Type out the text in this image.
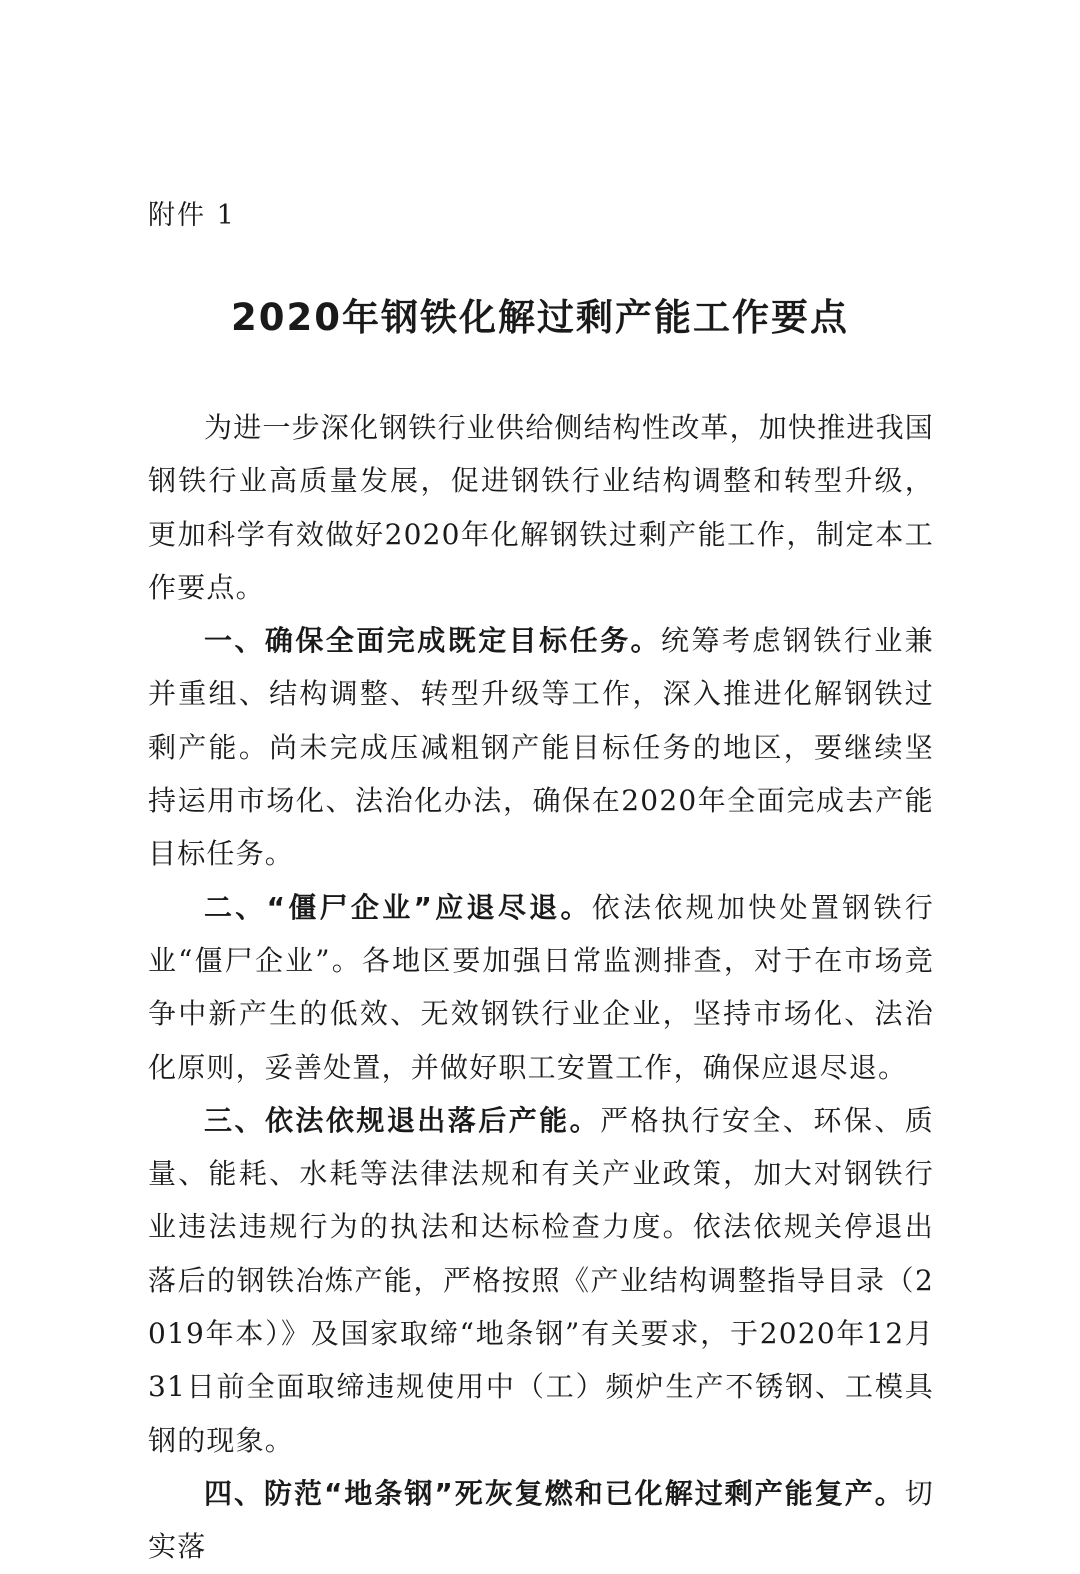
附件 1
2020年钢铁化解过剩产能工作要点

为进一步深化钢铁行业供给侧结构性改革，加快推进我国钢铁行业高质量发展，促进钢铁行业结构调整和转型升级，更加科学有效做好2020年化解钢铁过剩产能工作，制定本工作要点。

一、确保全面完成既定目标任务。统筹考虑钢铁行业兼并重组、结构调整、转型升级等工作，深入推进化解钢铁过剩产能。尚未完成压减粗钢产能目标任务的地区，要继续坚持运用市场化、法治化办法，确保在2020年全面完成去产能目标任务。

二、“僵尸企业”应退尽退。依法依规加快处置钢铁行业“僵尸企业”。各地区要加强日常监测排查，对于在市场竞争中新产生的低效、无效钢铁行业企业，坚持市场化、法治化原则，妥善处置，并做好职工安置工作，确保应退尽退。

三、依法依规退出落后产能。严格执行安全、环保、质量、能耗、水耗等法律法规和有关产业政策，加大对钢铁行业违法违规行为的执法和达标检查力度。依法依规关停退出落后的钢铁冶炼产能，严格按照《产业结构调整指导目录（2019年本）》及国家取缔“地条钢”有关要求，于2020年12月31日前全面取缔违规使用中（工）频炉生产不锈钢、工模具钢的现象。

四、防范“地条钢”死灰复燃和已化解过剩产能复产。切实落
